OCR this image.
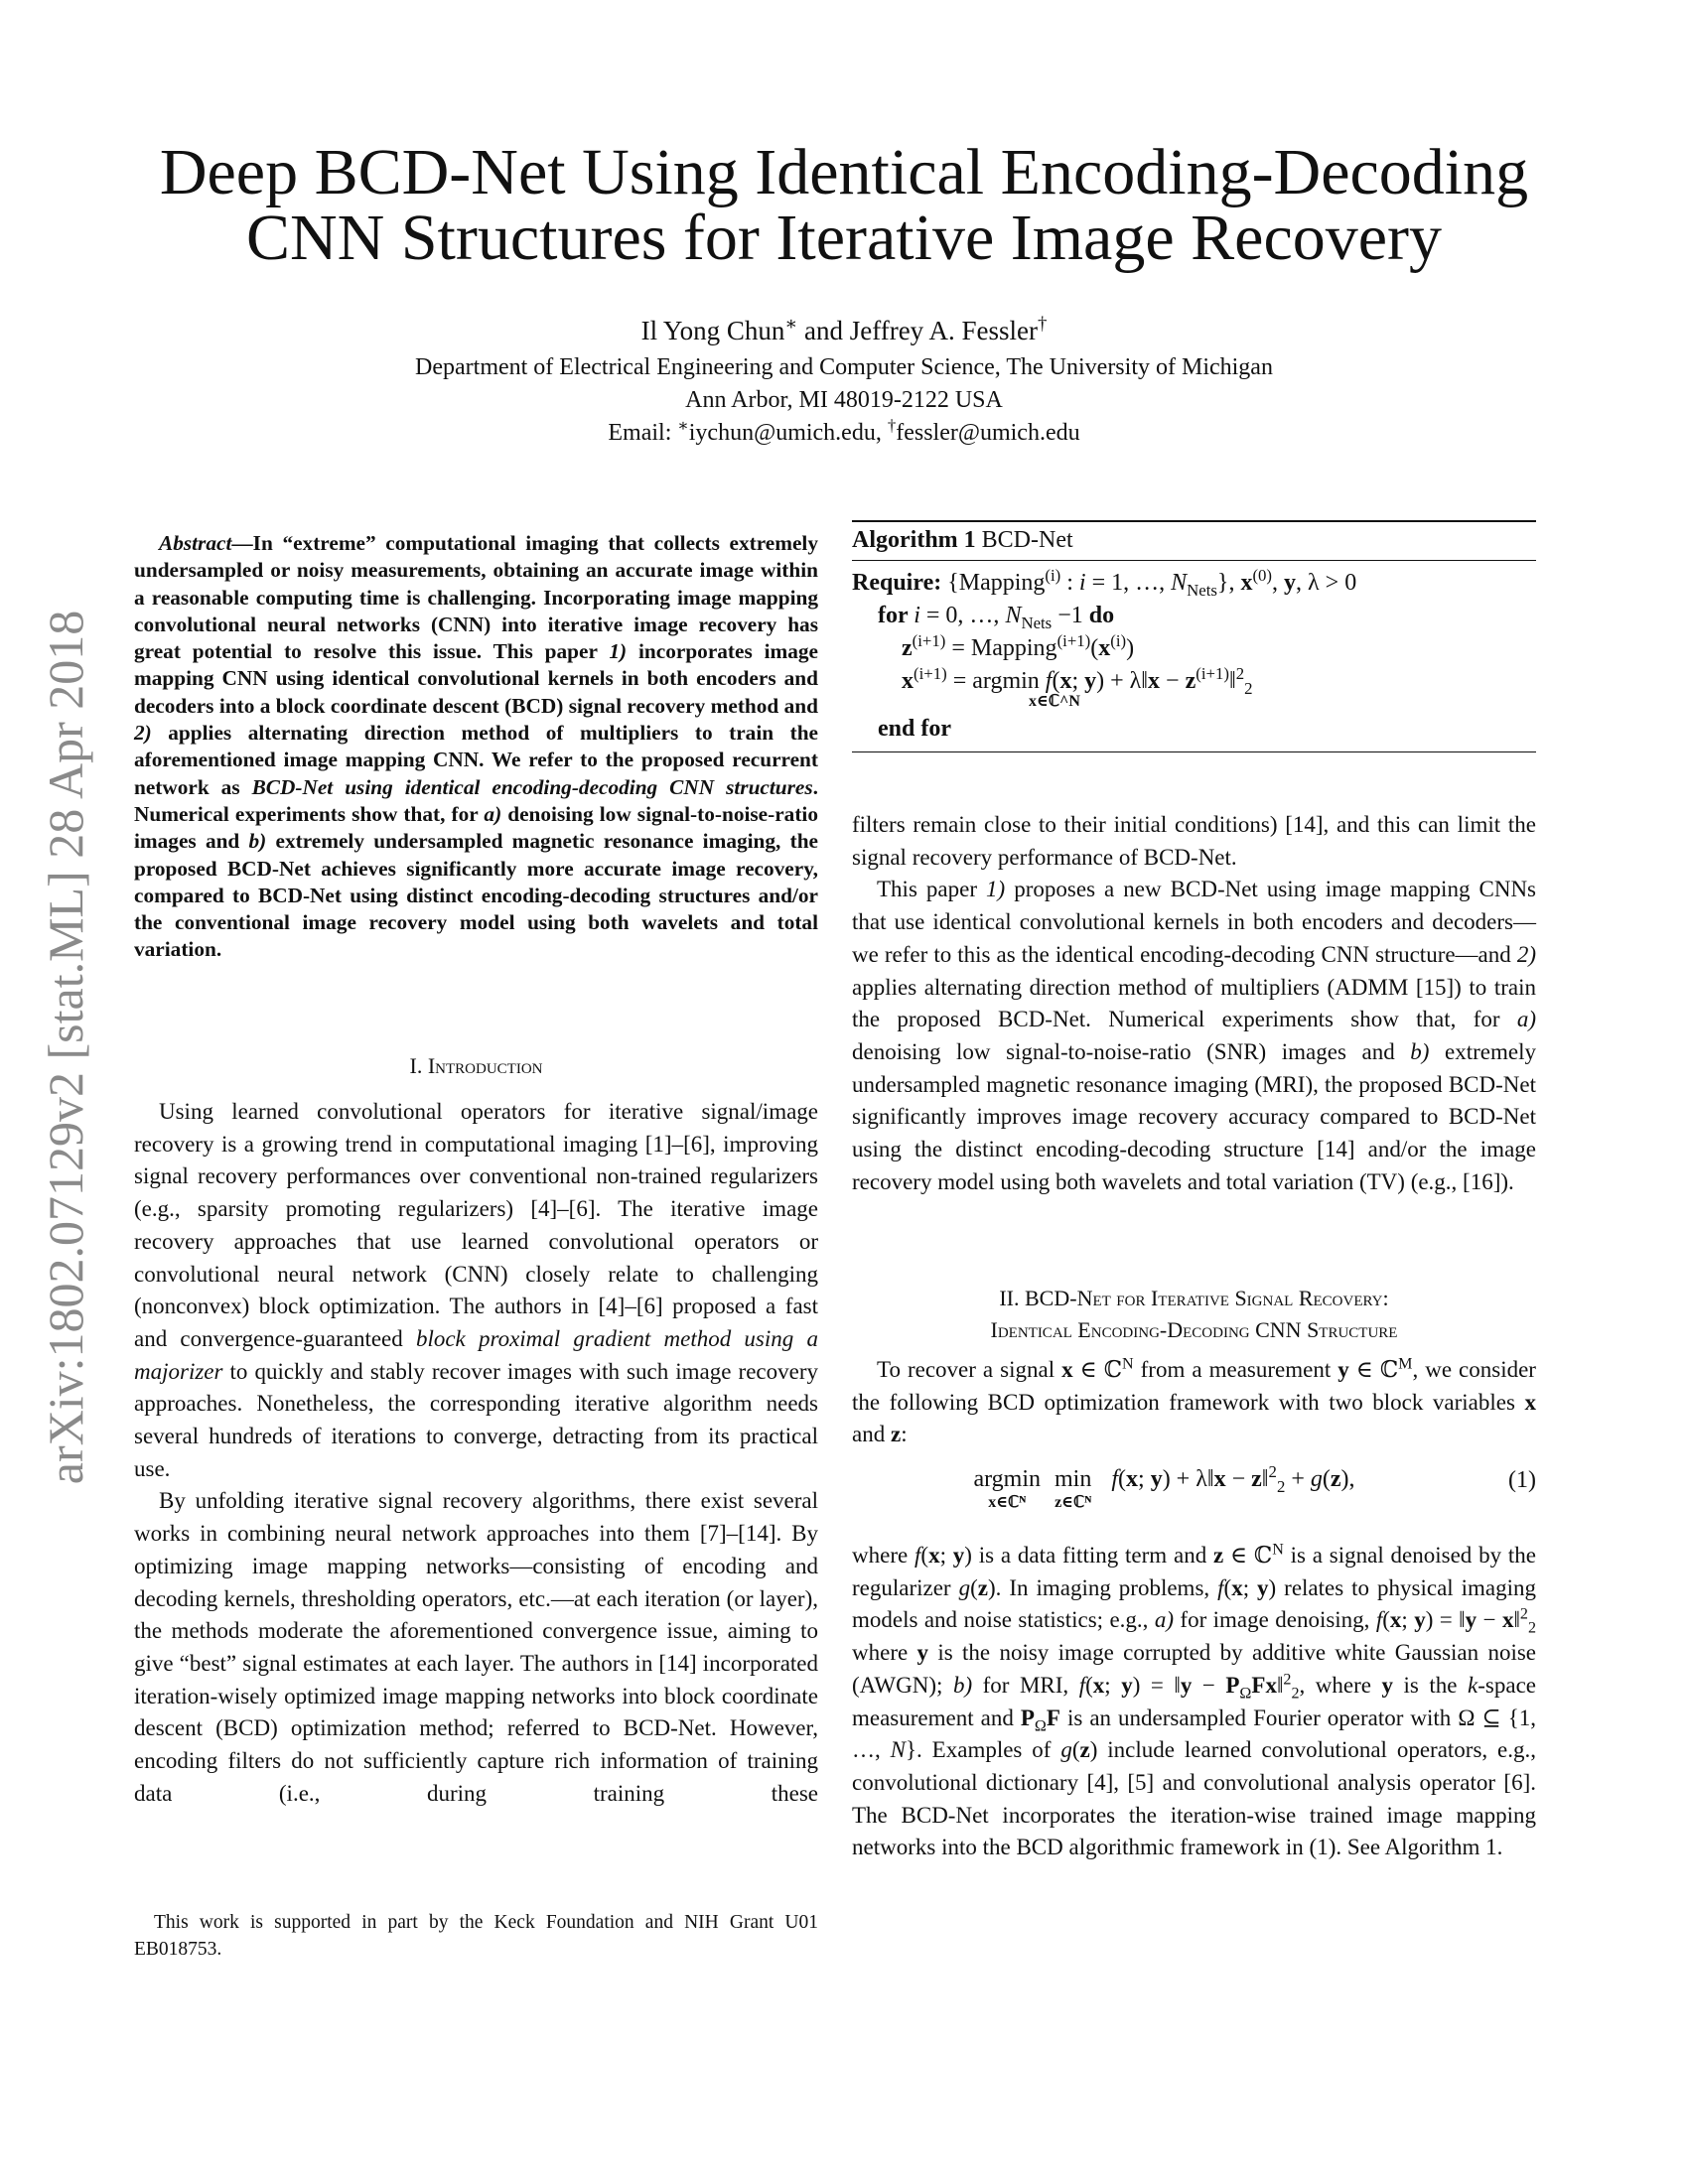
arXiv:1802.07129v2 [stat.ML] 28 Apr 2018
Deep BCD-Net Using Identical Encoding-Decoding
CNN Structures for Iterative Image Recovery
Il Yong Chun∗ and Jeffrey A. Fessler†
Department of Electrical Engineering and Computer Science, The University of Michigan
Ann Arbor, MI 48019-2122 USA
Email: ∗iychun@umich.edu, †fessler@umich.edu

Abstract—In “extreme” computational imaging that collects extremely undersampled or noisy measurements, obtaining an accurate image within a reasonable computing time is challenging. Incorporating image mapping convolutional neural networks (CNN) into iterative image recovery has great potential to resolve this issue. This paper 1) incorporates image mapping CNN using identical convolutional kernels in both encoders and decoders into a block coordinate descent (BCD) signal recovery method and 2) applies alternating direction method of multipliers to train the aforementioned image mapping CNN. We refer to the proposed recurrent network as BCD-Net using identical encoding-decoding CNN structures. Numerical experiments show that, for a) denoising low signal-to-noise-ratio images and b) extremely undersampled magnetic resonance imaging, the proposed BCD-Net achieves significantly more accurate image recovery, compared to BCD-Net using distinct encoding-decoding structures and/or the conventional image recovery model using both wavelets and total variation.

I. Introduction

Using learned convolutional operators for iterative signal/image recovery is a growing trend in computational imaging [1]–[6], improving signal recovery performances over conventional non-trained regularizers (e.g., sparsity promoting regularizers) [4]–[6]. The iterative image recovery approaches that use learned convolutional operators or convolutional neural network (CNN) closely relate to challenging (nonconvex) block optimization. The authors in [4]–[6] proposed a fast and convergence-guaranteed block proximal gradient method using a majorizer to quickly and stably recover images with such image recovery approaches. Nonetheless, the corresponding iterative algorithm needs several hundreds of iterations to converge, detracting from its practical use.

By unfolding iterative signal recovery algorithms, there exist several works in combining neural network approaches into them [7]–[14]. By optimizing image mapping networks—consisting of encoding and decoding kernels, thresholding operators, etc.—at each iteration (or layer), the methods moderate the aforementioned convergence issue, aiming to give “best” signal estimates at each layer. The authors in [14] incorporated iteration-wisely optimized image mapping networks into block coordinate descent (BCD) optimization method; referred to BCD-Net. However, encoding filters do not sufficiently capture rich information of training data (i.e., during training these

This work is supported in part by the Keck Foundation and NIH Grant U01 EB018753.

Algorithm 1 BCD-Net
Require: {Mapping$^{(i)}$ : i = 1, …, $N_{Nets}$}, $x^{(0)}$, y, λ > 0
for i = 0, …, $N_{Nets} -1$ do
$z^{(i+1)}$ = $Mapping^{(i+1)}(x^{(i)})$
$x^{(i+1)} = argmin$ f(x; y) + λ‖x − $z^{(i+1)}‖^2_2$
x∈ℂ^N
end for

filters remain close to their initial conditions) [14], and this can limit the signal recovery performance of BCD-Net.

This paper 1) proposes a new BCD-Net using image mapping CNNs that use identical convolutional kernels in both encoders and decoders—we refer to this as the identical encoding-decoding CNN structure—and 2) applies alternating direction method of multipliers (ADMM [15]) to train the proposed BCD-Net. Numerical experiments show that, for a) denoising low signal-to-noise-ratio (SNR) images and b) extremely undersampled magnetic resonance imaging (MRI), the proposed BCD-Net significantly improves image recovery accuracy compared to BCD-Net using the distinct encoding-decoding structure [14] and/or the image recovery model using both wavelets and total variation (TV) (e.g., [16]).

II. BCD-Net for Iterative Signal Recovery:

Identical Encoding-Decoding CNN Structure

To recover a signal x ∈ ℂ$^N$ from a measurement y ∈ ℂ$^M$, we consider the following BCD optimization framework with two block variables x and z:

argmin
x∈ℂᴺ
min
z∈ℂᴺ
f(x; y) + λ‖x − z‖$^2_2$ + g(z),	(1)

where f(x; y) is a data fitting term and z ∈ ℂ$^N$ is a signal denoised by the regularizer g(z). In imaging problems, f(x; y) relates to physical imaging models and noise statistics; e.g., a) for image denoising, f(x; y) = ‖y − x‖$^2_2$ where y is the noisy image corrupted by additive white Gaussian noise (AWGN); b) for MRI, f(x; y) = ‖y − $P_\Omega Fx‖^2_2$, where y is the k-space measurement and $P_\Omega F$ is an undersampled Fourier operator with Ω ⊆ {1, …, N}. Examples of g(z) include learned convolutional operators, e.g., convolutional dictionary [4], [5] and convolutional analysis operator [6]. The BCD-Net incorporates the iteration-wise trained image mapping networks into the BCD algorithmic framework in (1). See Algorithm 1.
